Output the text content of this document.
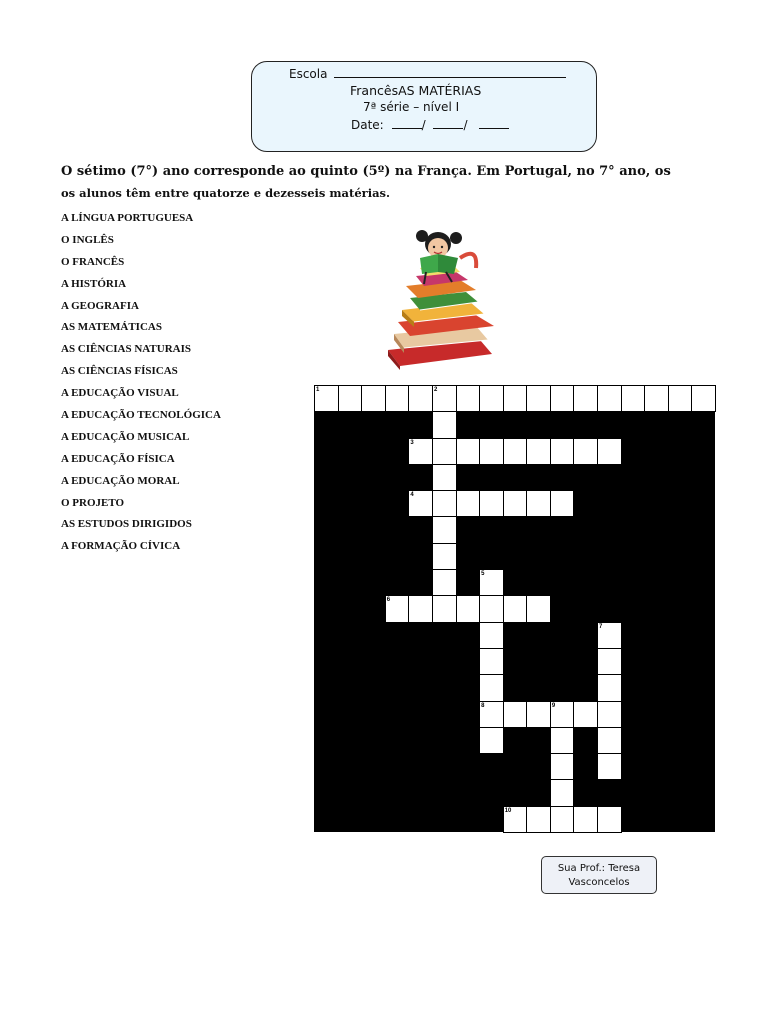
Escola
FrancêsAS MATÉRIAS
7ª série – nível I
Date:	/	/
O sétimo (7°) ano corresponde ao quinto (5º) na França. Em Portugal, no 7° ano, os
os alunos têm entre quatorze e dezesseis matérias.
A LÍNGUA PORTUGUESA
O INGLÊS
O FRANCÊS
A HISTÓRIA
A GEOGRAFIA
AS MATEMÁTICAS
AS CIÊNCIAS NATURAIS
AS CIÊNCIAS FÍSICAS
A EDUCAÇÃO VISUAL
A EDUCAÇÃO TECNOLÓGICA
A EDUCAÇÃO MUSICAL
A EDUCAÇÃO FÍSICA
A EDUCAÇÃO MORAL
O PROJETO
AS ESTUDOS DIRIGIDOS
A FORMAÇÃO CÍVICA
1	2
3
4
6
8	9
10
5
7
Sua Prof.: Teresa
Vasconcelos
